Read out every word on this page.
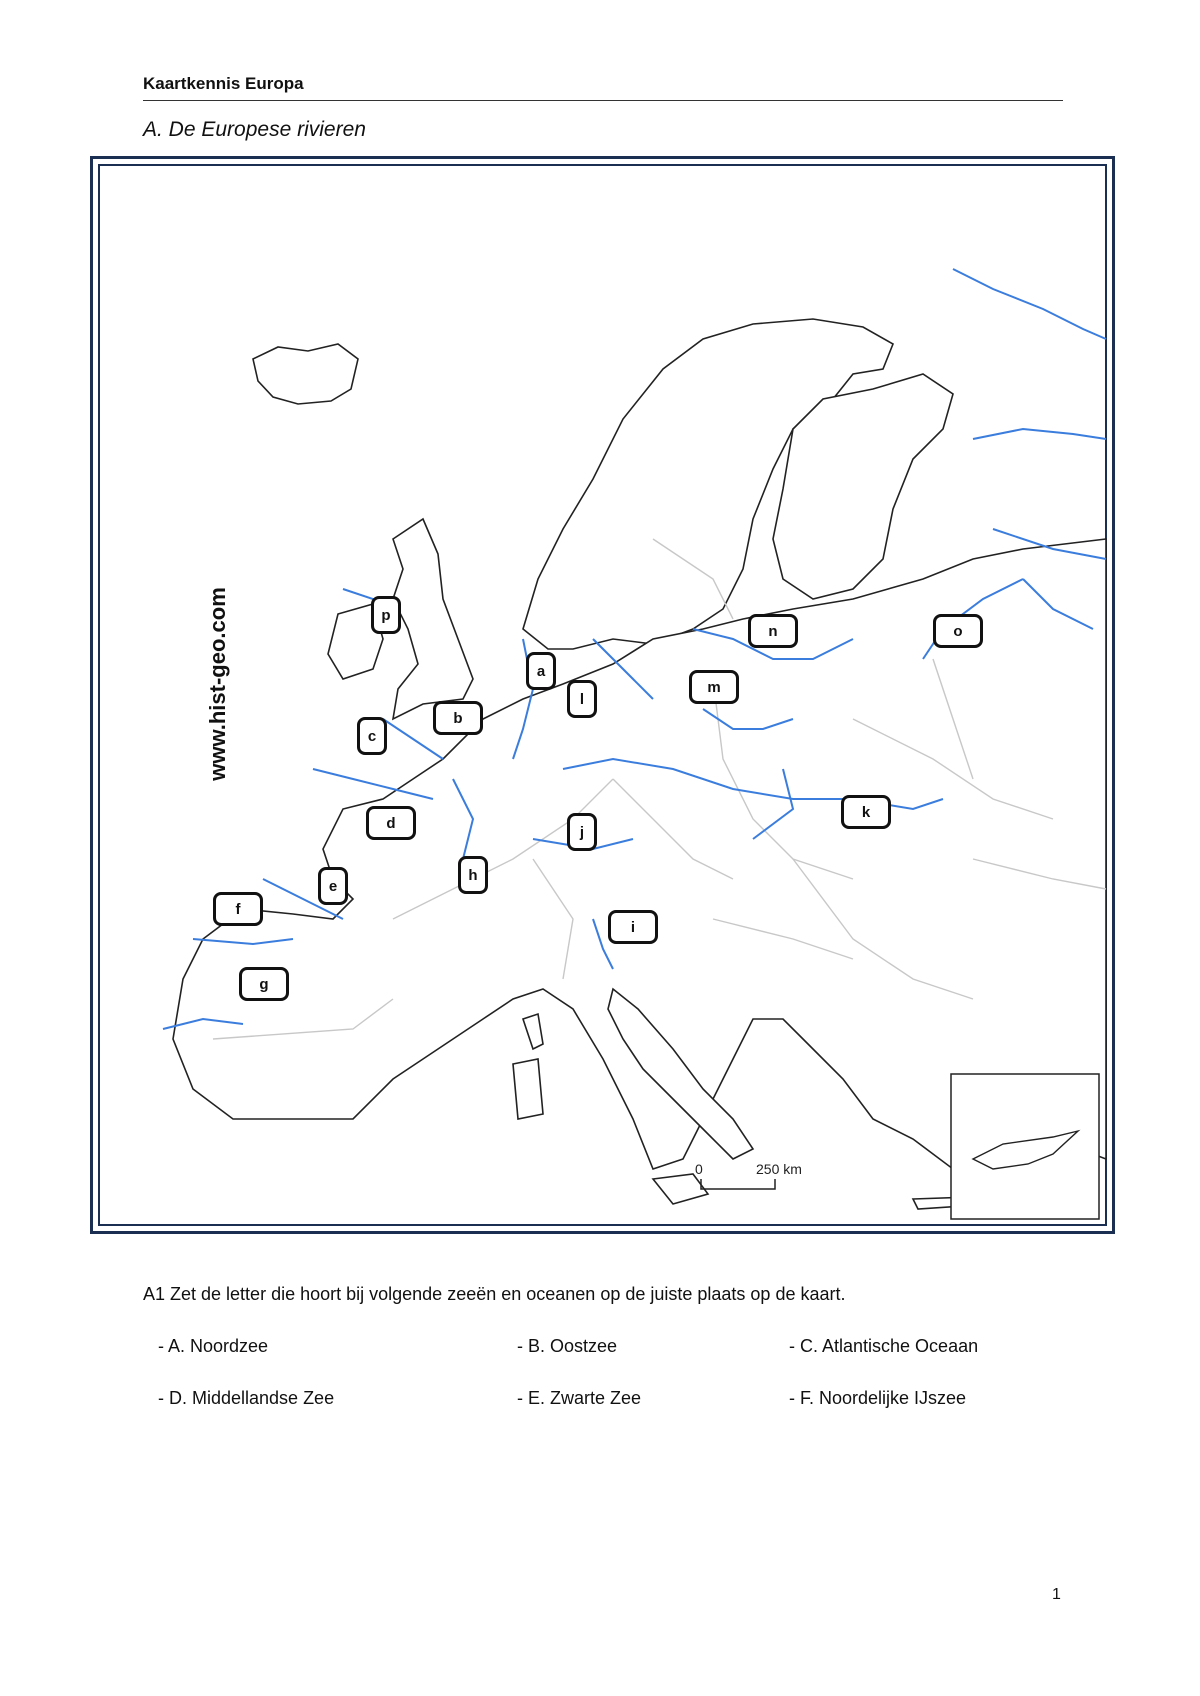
Kaartkennis Europa
A. De Europese rivieren
www.hist-geo.com
0	250 km
a
b
c
d
e
f
g
h
i
j
k
l
m
n	o
p
A1 Zet de letter die hoort bij volgende zeeën en oceanen op de juiste plaats op de kaart.
- A. Noordzee	- B. Oostzee	- C. Atlantische Oceaan
- D. Middellandse Zee	- E. Zwarte Zee	- F. Noordelijke IJszee
1
